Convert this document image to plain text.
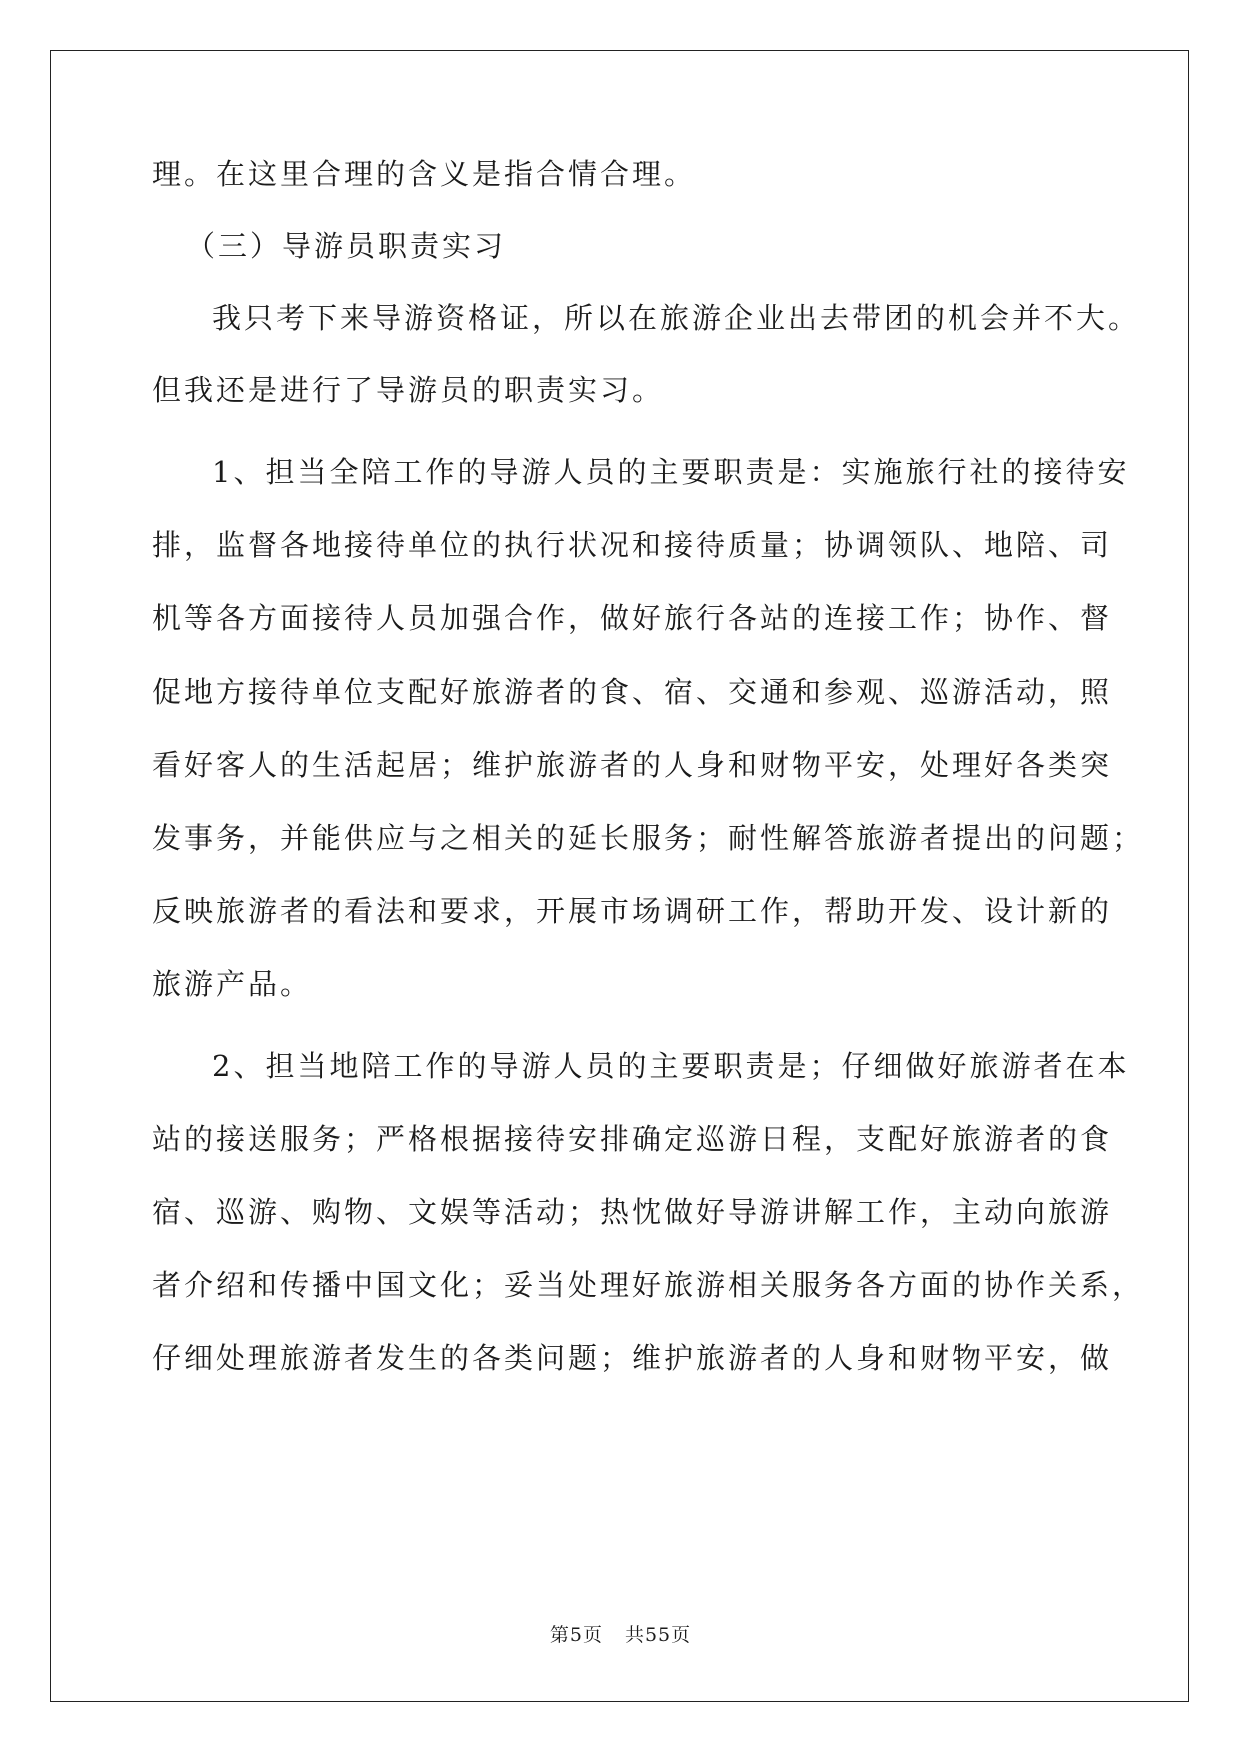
理。在这里合理的含义是指合情合理。
（三）导游员职责实习
我只考下来导游资格证，所以在旅游企业出去带团的机会并不大。
但我还是进行了导游员的职责实习。
1、担当全陪工作的导游人员的主要职责是：实施旅行社的接待安
排，监督各地接待单位的执行状况和接待质量；协调领队、地陪、司
机等各方面接待人员加强合作，做好旅行各站的连接工作；协作、督
促地方接待单位支配好旅游者的食、宿、交通和参观、巡游活动，照
看好客人的生活起居；维护旅游者的人身和财物平安，处理好各类突
发事务，并能供应与之相关的延长服务；耐性解答旅游者提出的问题；
反映旅游者的看法和要求，开展市场调研工作，帮助开发、设计新的
旅游产品。
2、担当地陪工作的导游人员的主要职责是；仔细做好旅游者在本
站的接送服务；严格根据接待安排确定巡游日程，支配好旅游者的食
宿、巡游、购物、文娱等活动；热忱做好导游讲解工作，主动向旅游
者介绍和传播中国文化；妥当处理好旅游相关服务各方面的协作关系，
仔细处理旅游者发生的各类问题；维护旅游者的人身和财物平安，做
第5页 共55页
